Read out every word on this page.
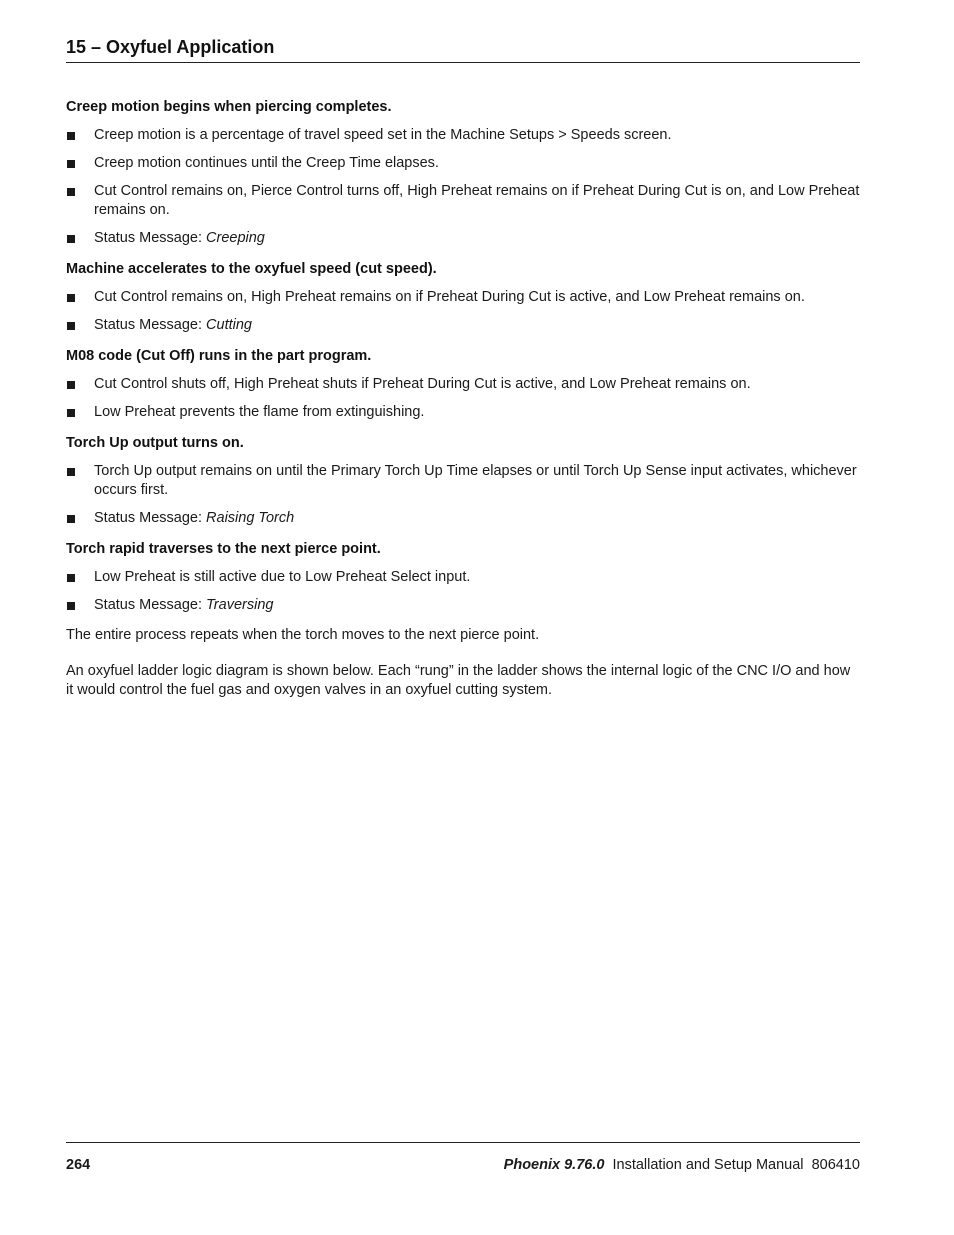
15 – Oxyfuel Application
Creep motion begins when piercing completes.
Creep motion is a percentage of travel speed set in the Machine Setups > Speeds screen.
Creep motion continues until the Creep Time elapses.
Cut Control remains on, Pierce Control turns off, High Preheat remains on if Preheat During Cut is on, and Low Preheat remains on.
Status Message: Creeping
Machine accelerates to the oxyfuel speed (cut speed).
Cut Control remains on, High Preheat remains on if Preheat During Cut is active, and Low Preheat remains on.
Status Message: Cutting
M08 code (Cut Off) runs in the part program.
Cut Control shuts off, High Preheat shuts if Preheat During Cut is active, and Low Preheat remains on.
Low Preheat prevents the flame from extinguishing.
Torch Up output turns on.
Torch Up output remains on until the Primary Torch Up Time elapses or until Torch Up Sense input activates, whichever occurs first.
Status Message: Raising Torch
Torch rapid traverses to the next pierce point.
Low Preheat is still active due to Low Preheat Select input.
Status Message: Traversing

The entire process repeats when the torch moves to the next pierce point.

An oxyfuel ladder logic diagram is shown below. Each “rung” in the ladder shows the internal logic of the CNC I/O and how it would control the fuel gas and oxygen valves in an oxyfuel cutting system.

264	Phoenix 9.76.0 Installation and Setup Manual 806410
